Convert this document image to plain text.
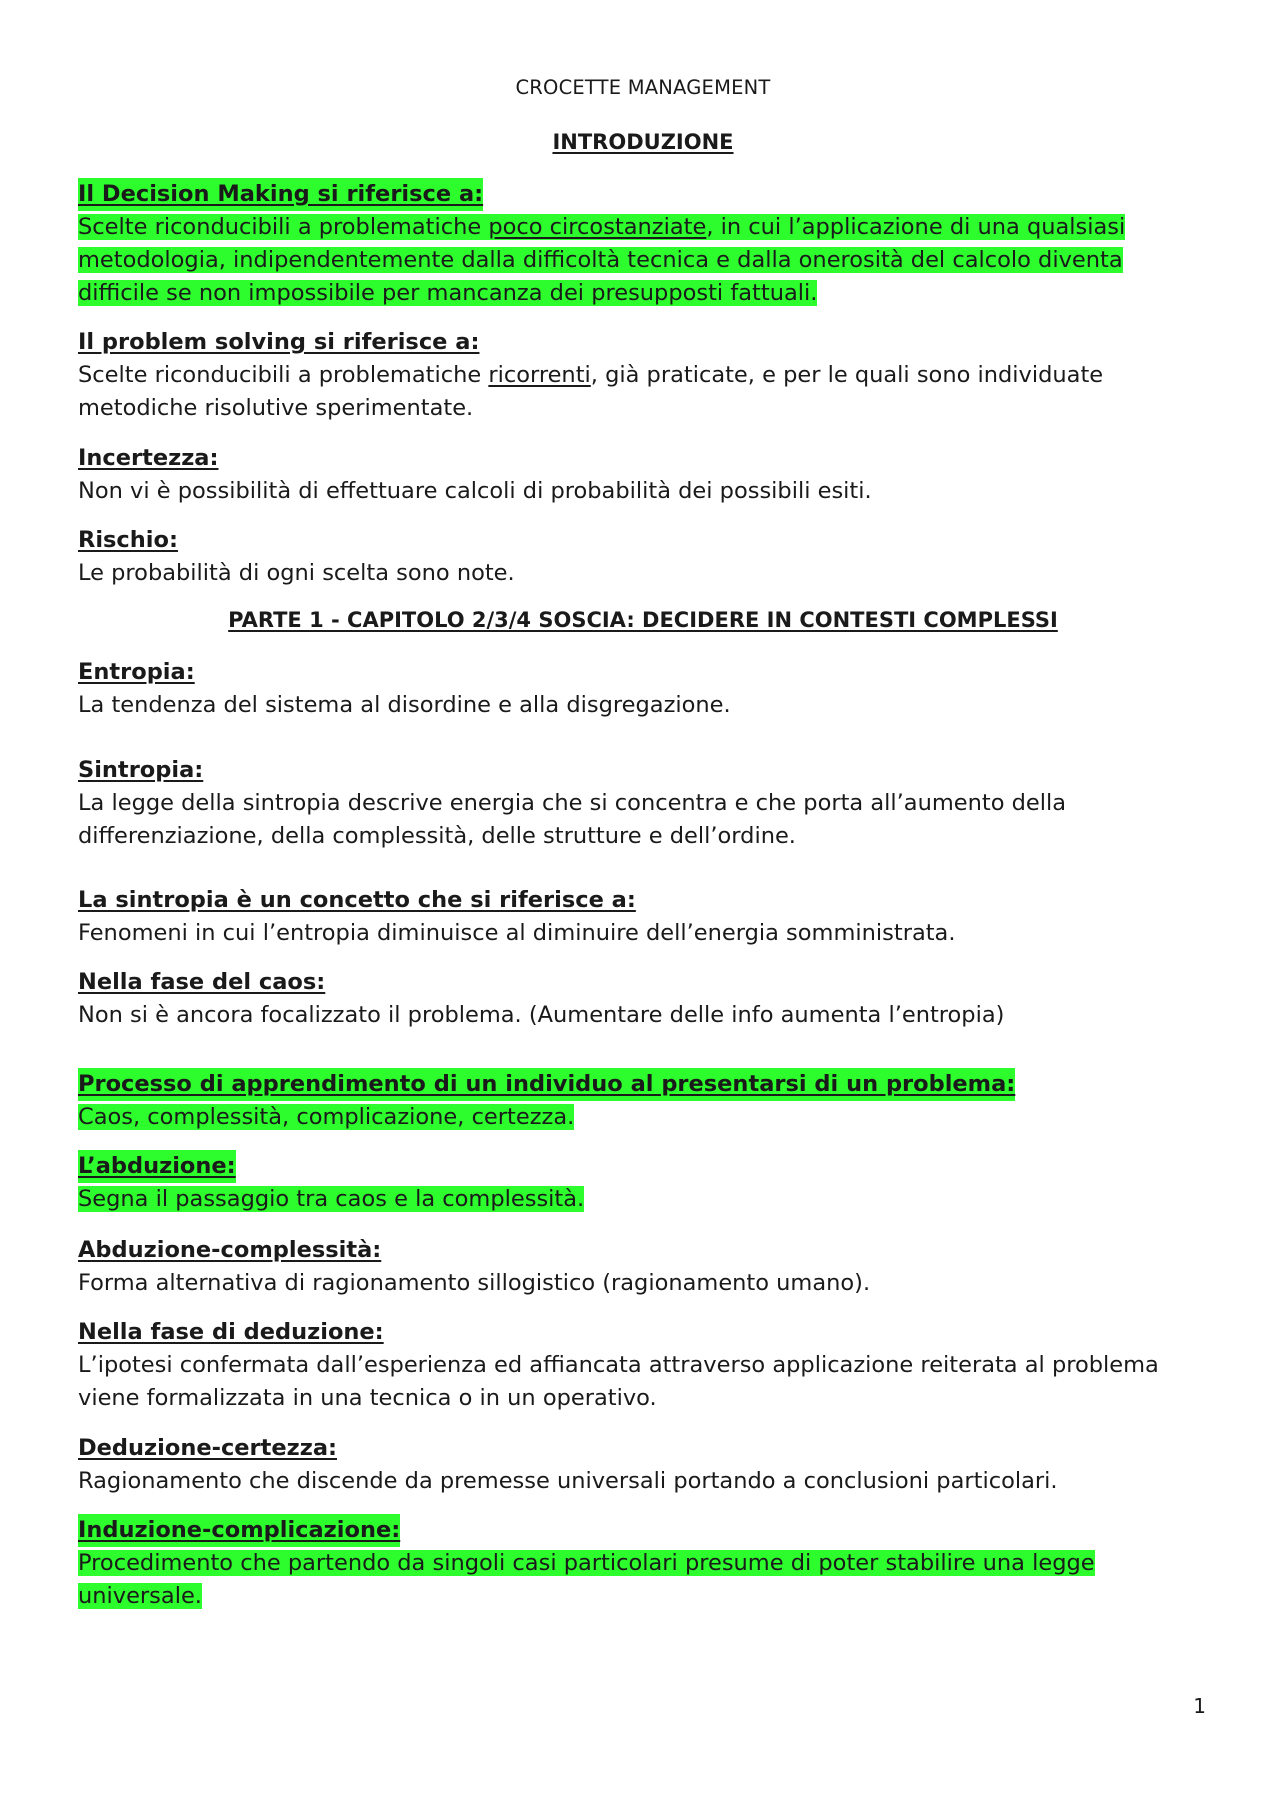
CROCETTE MANAGEMENT
INTRODUZIONE
Il Decision Making si riferisce a:
Scelte riconducibili a problematiche poco circostanziate, in cui l’applicazione di una qualsiasi metodologia, indipendentemente dalla difficoltà tecnica e dalla onerosità del calcolo diventa difficile se non impossibile per mancanza dei presupposti fattuali.
Il problem solving si riferisce a:
Scelte riconducibili a problematiche ricorrenti, già praticate, e per le quali sono individuate metodiche risolutive sperimentate.
Incertezza:
Non vi è possibilità di effettuare calcoli di probabilità dei possibili esiti.
Rischio:
Le probabilità di ogni scelta sono note.
PARTE 1 - CAPITOLO 2/3/4 SOSCIA: DECIDERE IN CONTESTI COMPLESSI
Entropia:
La tendenza del sistema al disordine e alla disgregazione.
Sintropia:
La legge della sintropia descrive energia che si concentra e che porta all’aumento della differenziazione, della complessità, delle strutture e dell’ordine.
La sintropia è un concetto che si riferisce a:
Fenomeni in cui l’entropia diminuisce al diminuire dell’energia somministrata.
Nella fase del caos:
Non si è ancora focalizzato il problema. (Aumentare delle info aumenta l’entropia)
Processo di apprendimento di un individuo al presentarsi di un problema:
Caos, complessità, complicazione, certezza.
L’abduzione:
Segna il passaggio tra caos e la complessità.
Abduzione-complessità:
Forma alternativa di ragionamento sillogistico (ragionamento umano).
Nella fase di deduzione:
L’ipotesi confermata dall’esperienza ed affiancata attraverso applicazione reiterata al problema viene formalizzata in una tecnica o in un operativo.
Deduzione-certezza:
Ragionamento che discende da premesse universali portando a conclusioni particolari.
Induzione-complicazione:
Procedimento che partendo da singoli casi particolari presume di poter stabilire una legge universale.
1
